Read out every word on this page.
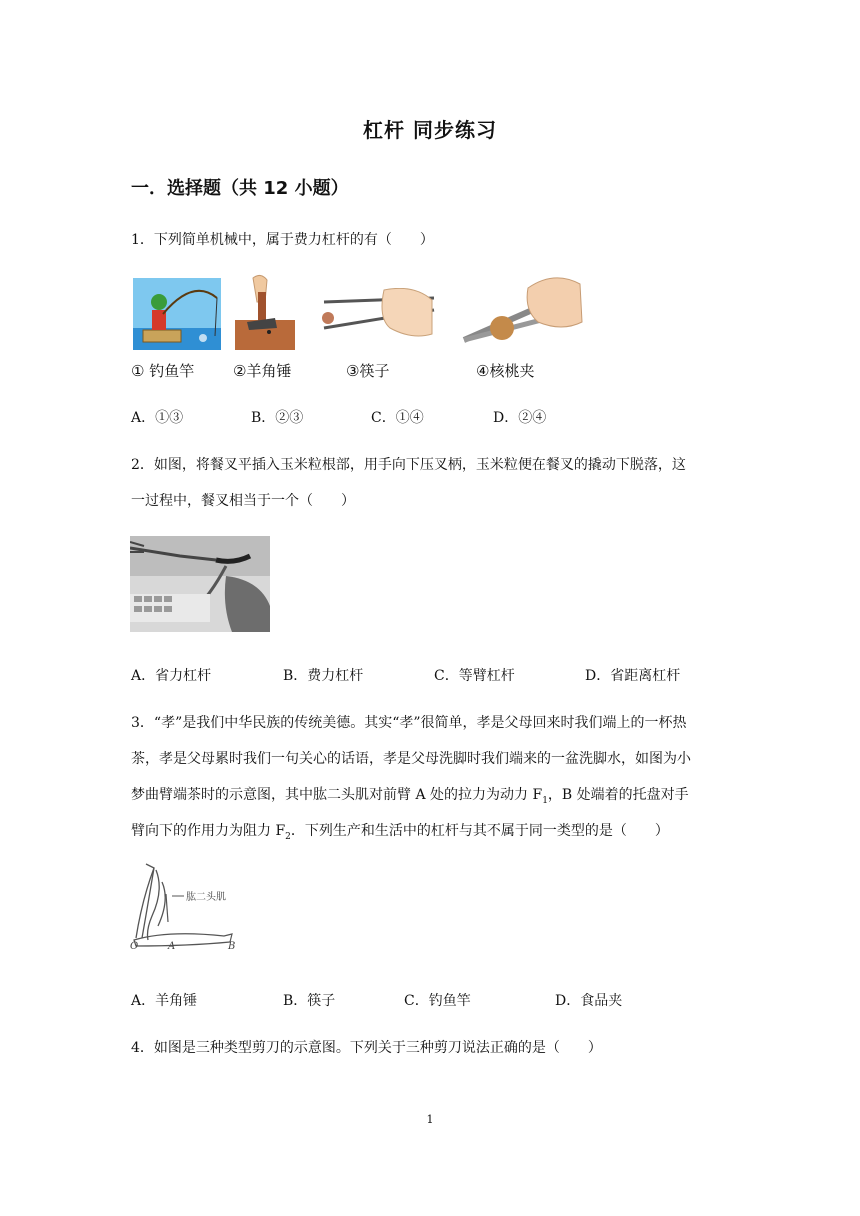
杠杆 同步练习
一．选择题（共 12 小题）
1．下列简单机械中，属于费力杠杆的有（　　）
① 钓鱼竿	②羊角锤	③筷子	④核桃夹
A．①③	B．②③	C．①④	D．②④
2．如图，将餐叉平插入玉米粒根部，用手向下压叉柄，玉米粒便在餐叉的撬动下脱落，这
一过程中，餐叉相当于一个（　　）
A．省力杠杆	B．费力杠杆	C．等臂杠杆	D．省距离杠杆
3．“孝”是我们中华民族的传统美德。其实“孝”很简单，孝是父母回来时我们端上的一杯热
茶，孝是父母累时我们一句关心的话语，孝是父母洗脚时我们端来的一盆洗脚水，如图为小
梦曲臂端茶时的示意图，其中肱二头肌对前臂 A 处的拉力为动力 $F_1$，B 处端着的托盘对手
臂向下的作用力为阻力 $F_2$．下列生产和生活中的杠杆与其不属于同一类型的是（　　）
肱二头肌
O	A	B
A．羊角锤	B．筷子	C．钓鱼竿	D．食品夹
4．如图是三种类型剪刀的示意图。下列关于三种剪刀说法正确的是（　　）
1
